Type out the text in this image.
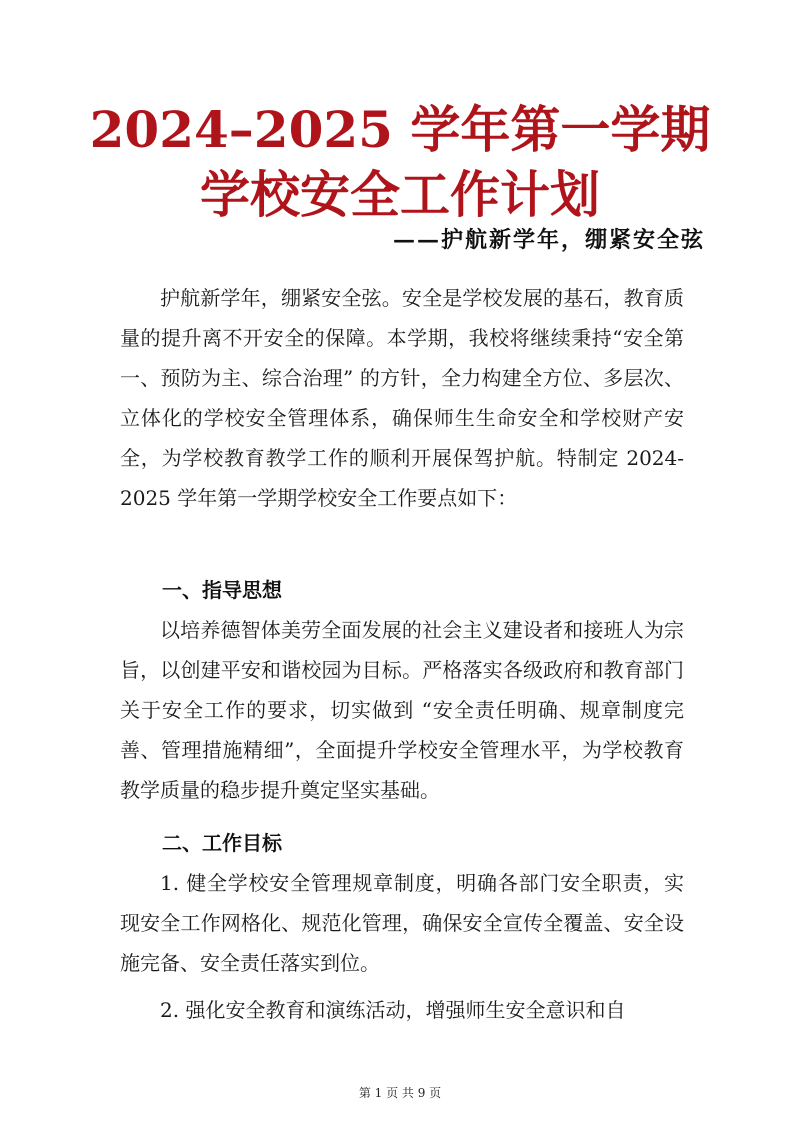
2024–2025 学年第一学期
学校安全工作计划
——护航新学年，绷紧安全弦

护航新学年，绷紧安全弦。安全是学校发展的基石，教育质量的提升离不开安全的保障。本学期，我校将继续秉持“安全第一、预防为主、综合治理” 的方针，全力构建全方位、多层次、立体化的学校安全管理体系，确保师生生命安全和学校财产安全，为学校教育教学工作的顺利开展保驾护航。特制定 2024-2025 学年第一学期学校安全工作要点如下：

一、指导思想

以培养德智体美劳全面发展的社会主义建设者和接班人为宗旨，以创建平安和谐校园为目标。严格落实各级政府和教育部门关于安全工作的要求，切实做到 “安全责任明确、规章制度完善、管理措施精细”，全面提升学校安全管理水平，为学校教育教学质量的稳步提升奠定坚实基础。

二、工作目标

1. 健全学校安全管理规章制度，明确各部门安全职责，实现安全工作网格化、规范化管理，确保安全宣传全覆盖、安全设施完备、安全责任落实到位。

2. 强化安全教育和演练活动，增强师生安全意识和自

第 1 页 共 9 页
